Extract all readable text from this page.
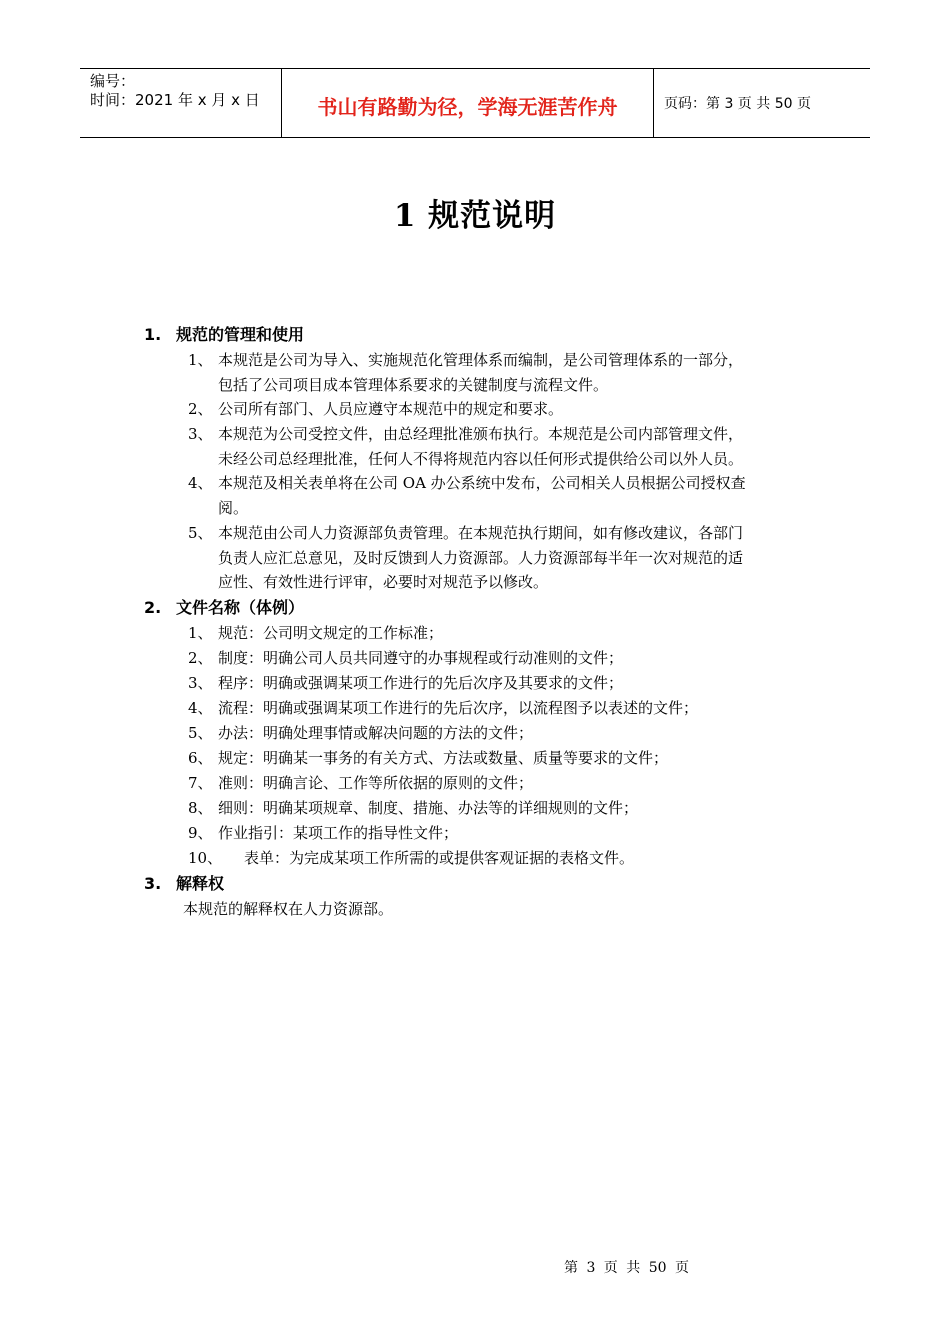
编号：
时间：2021 年 x 月 x 日	书山有路勤为径，学海无涯苦作舟	页码：第 3 页 共 50 页
1 规范说明
1. 规范的管理和使用
1、 本规范是公司为导入、实施规范化管理体系而编制，是公司管理体系的一部分，
包括了公司项目成本管理体系要求的关键制度与流程文件。
2、 公司所有部门、人员应遵守本规范中的规定和要求。
3、 本规范为公司受控文件，由总经理批准颁布执行。本规范是公司内部管理文件，
未经公司总经理批准，任何人不得将规范内容以任何形式提供给公司以外人员。
4、 本规范及相关表单将在公司 OA 办公系统中发布，公司相关人员根据公司授权查
阅。
5、 本规范由公司人力资源部负责管理。在本规范执行期间，如有修改建议，各部门
负责人应汇总意见，及时反馈到人力资源部。人力资源部每半年一次对规范的适
应性、有效性进行评审，必要时对规范予以修改。
2. 文件名称（体例）
1、 规范：公司明文规定的工作标准；
2、 制度：明确公司人员共同遵守的办事规程或行动准则的文件；
3、 程序：明确或强调某项工作进行的先后次序及其要求的文件；
4、 流程：明确或强调某项工作进行的先后次序，以流程图予以表述的文件；
5、 办法：明确处理事情或解决问题的方法的文件；
6、 规定：明确某一事务的有关方式、方法或数量、质量等要求的文件；
7、 准则：明确言论、工作等所依据的原则的文件；
8、 细则：明确某项规章、制度、措施、办法等的详细规则的文件；
9、 作业指引：某项工作的指导性文件；
10、 表单：为完成某项工作所需的或提供客观证据的表格文件。
3. 解释权
本规范的解释权在人力资源部。
第 3 页 共 50 页
